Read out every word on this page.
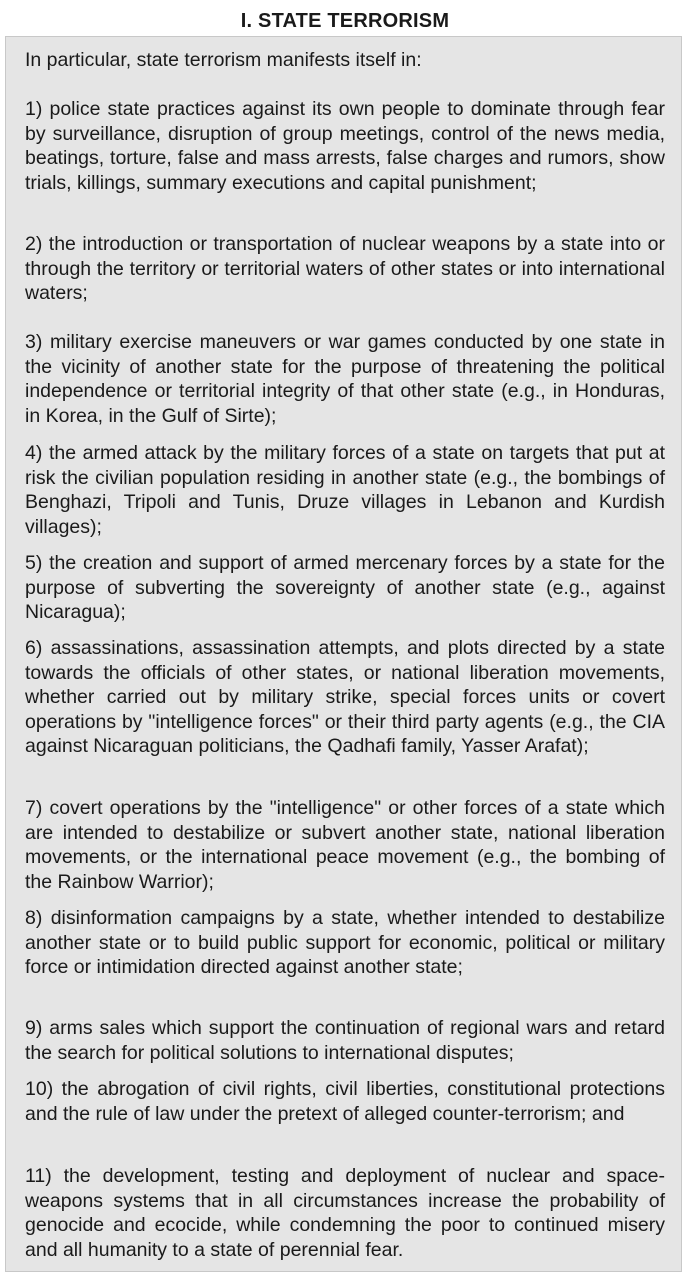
I. STATE TERRORISM

In particular, state terrorism manifests itself in:

1) police state practices against its own people to dominate through fear by surveillance, disruption of group meetings, control of the news media, beatings, torture, false and mass arrests, false charges and rumors, show trials, killings, summary executions and capital punishment;

2) the introduction or transportation of nuclear weapons by a state into or through the territory or territorial waters of other states or into international waters;

3) military exercise maneuvers or war games conducted by one state in the vicinity of another state for the purpose of threatening the political independence or territorial integrity of that other state (e.g., in Honduras, in Korea, in the Gulf of Sirte);

4) the armed attack by the military forces of a state on targets that put at risk the civilian population residing in another state (e.g., the bombings of Benghazi, Tripoli and Tunis, Druze villages in Lebanon and Kurdish villages);

5) the creation and support of armed mercenary forces by a state for the purpose of subverting the sovereignty of another state (e.g., against Nicaragua);

6) assassinations, assassination attempts, and plots directed by a state towards the officials of other states, or national liberation movements, whether carried out by military strike, special forces units or covert operations by "intelligence forces" or their third party agents (e.g., the CIA against Nicaraguan politicians, the Qadhafi family, Yasser Arafat);

7) covert operations by the "intelligence" or other forces of a state which are intended to destabilize or subvert another state, national liberation movements, or the international peace movement (e.g., the bombing of the Rainbow Warrior);

8) disinformation campaigns by a state, whether intended to destabilize another state or to build public support for economic, political or military force or intimidation directed against another state;

9) arms sales which support the continuation of regional wars and retard the search for political solutions to international disputes;

10) the abrogation of civil rights, civil liberties, constitutional protections and the rule of law under the pretext of alleged counter-terrorism; and

11) the development, testing and deployment of nuclear and space-weapons systems that in all circumstances increase the probability of genocide and ecocide, while condemning the poor to continued misery and all humanity to a state of perennial fear.
